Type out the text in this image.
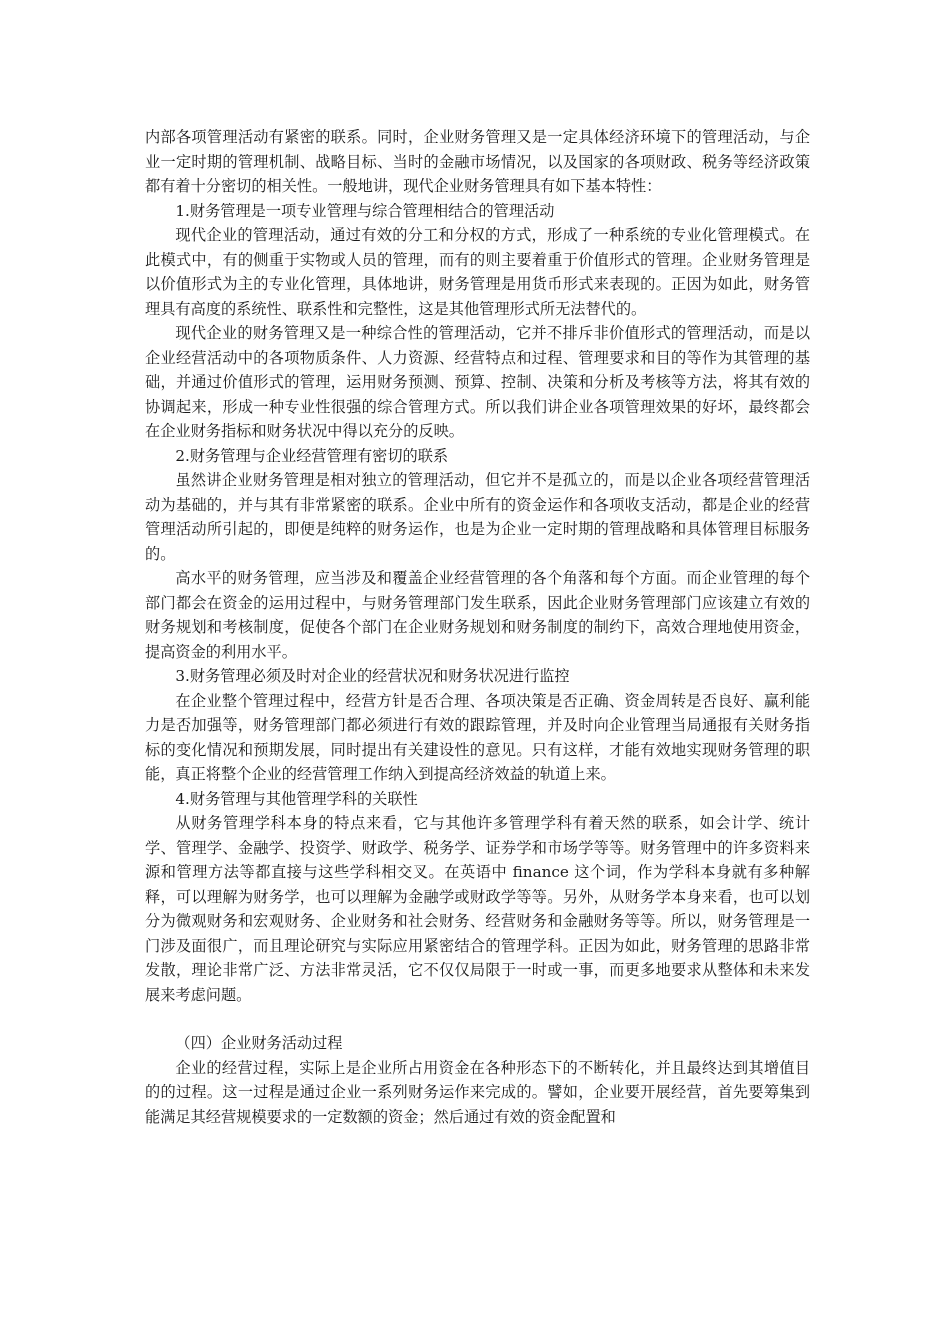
内部各项管理活动有紧密的联系。同时，企业财务管理又是一定具体经济环境下的管理活动，与企业一定时期的管理机制、战略目标、当时的金融市场情况，以及国家的各项财政、税务等经济政策都有着十分密切的相关性。一般地讲，现代企业财务管理具有如下基本特性：

1.财务管理是一项专业管理与综合管理相结合的管理活动

现代企业的管理活动，通过有效的分工和分权的方式，形成了一种系统的专业化管理模式。在此模式中，有的侧重于实物或人员的管理，而有的则主要着重于价值形式的管理。企业财务管理是以价值形式为主的专业化管理，具体地讲，财务管理是用货币形式来表现的。正因为如此，财务管理具有高度的系统性、联系性和完整性，这是其他管理形式所无法替代的。

现代企业的财务管理又是一种综合性的管理活动，它并不排斥非价值形式的管理活动，而是以企业经营活动中的各项物质条件、人力资源、经营特点和过程、管理要求和目的等作为其管理的基础，并通过价值形式的管理，运用财务预测、预算、控制、决策和分析及考核等方法，将其有效的协调起来，形成一种专业性很强的综合管理方式。所以我们讲企业各项管理效果的好坏，最终都会在企业财务指标和财务状况中得以充分的反映。

2.财务管理与企业经营管理有密切的联系

虽然讲企业财务管理是相对独立的管理活动，但它并不是孤立的，而是以企业各项经营管理活动为基础的，并与其有非常紧密的联系。企业中所有的资金运作和各项收支活动，都是企业的经营管理活动所引起的，即便是纯粹的财务运作，也是为企业一定时期的管理战略和具体管理目标服务的。

高水平的财务管理，应当涉及和覆盖企业经营管理的各个角落和每个方面。而企业管理的每个部门都会在资金的运用过程中，与财务管理部门发生联系，因此企业财务管理部门应该建立有效的财务规划和考核制度，促使各个部门在企业财务规划和财务制度的制约下，高效合理地使用资金，提高资金的利用水平。

3.财务管理必须及时对企业的经营状况和财务状况进行监控

在企业整个管理过程中，经营方针是否合理、各项决策是否正确、资金周转是否良好、赢利能力是否加强等，财务管理部门都必须进行有效的跟踪管理，并及时向企业管理当局通报有关财务指标的变化情况和预期发展，同时提出有关建设性的意见。只有这样，才能有效地实现财务管理的职能，真正将整个企业的经营管理工作纳入到提高经济效益的轨道上来。

4.财务管理与其他管理学科的关联性

从财务管理学科本身的特点来看，它与其他许多管理学科有着天然的联系，如会计学、统计学、管理学、金融学、投资学、财政学、税务学、证券学和市场学等等。财务管理中的许多资料来源和管理方法等都直接与这些学科相交叉。在英语中 finance 这个词，作为学科本身就有多种解释，可以理解为财务学，也可以理解为金融学或财政学等等。另外，从财务学本身来看，也可以划分为微观财务和宏观财务、企业财务和社会财务、经营财务和金融财务等等。所以，财务管理是一门涉及面很广，而且理论研究与实际应用紧密结合的管理学科。正因为如此，财务管理的思路非常发散，理论非常广泛、方法非常灵活，它不仅仅局限于一时或一事，而更多地要求从整体和未来发展来考虑问题。

（四）企业财务活动过程

企业的经营过程，实际上是企业所占用资金在各种形态下的不断转化，并且最终达到其增值目的的过程。这一过程是通过企业一系列财务运作来完成的。譬如，企业要开展经营，首先要筹集到能满足其经营规模要求的一定数额的资金；然后通过有效的资金配置和
